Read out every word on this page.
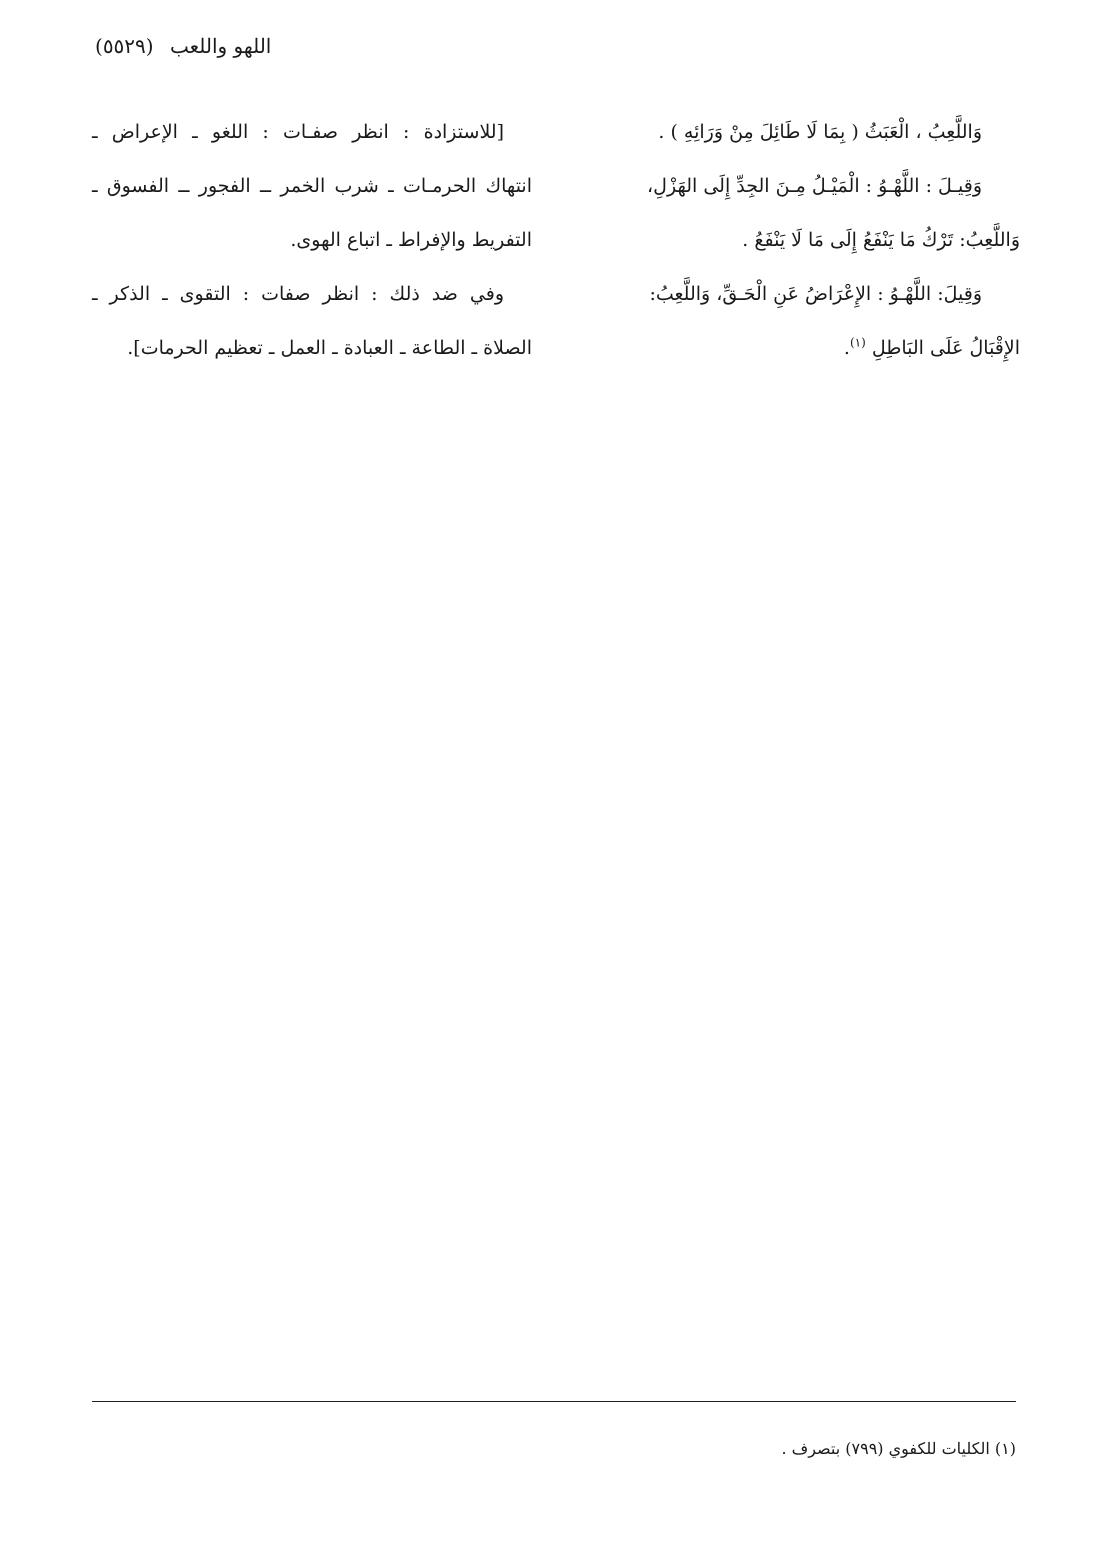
اللهو واللعب (٥٥٢٩)

وَاللَّعِبُ ، الْعَبَثُ ( بِمَا لَا طَائِلَ مِنْ وَرَائِهِ ) .

وَقِيـلَ : اللَّهْـوُ : الْمَيْـلُ مِـنَ الجِدِّ إِلَى الهَزْلِ،

وَاللَّعِبُ: تَرْكُ مَا يَنْفَعُ إِلَى مَا لَا يَنْفَعُ .

وَقِيلَ: اللَّهْـوُ : الإِعْرَاضُ عَنِ الْحَـقِّ، وَاللَّعِبُ:

الإِقْبَالُ عَلَى البَاطِلِ $^{(١)}$.

[للاستزادة : انظر صفـات : اللغو ـ الإعراض ـ

انتهاك الحرمـات ـ شرب الخمر ــ الفجور ــ الفسوق ـ

التفريط والإفراط ـ اتباع الهوى.

وفي ضد ذلك : انظر صفات : التقوى ـ الذكر ـ

الصلاة ـ الطاعة ـ العبادة ـ العمل ـ تعظيم الحرمات].

(١) الكليات للكفوي (٧٩٩) بتصرف .
